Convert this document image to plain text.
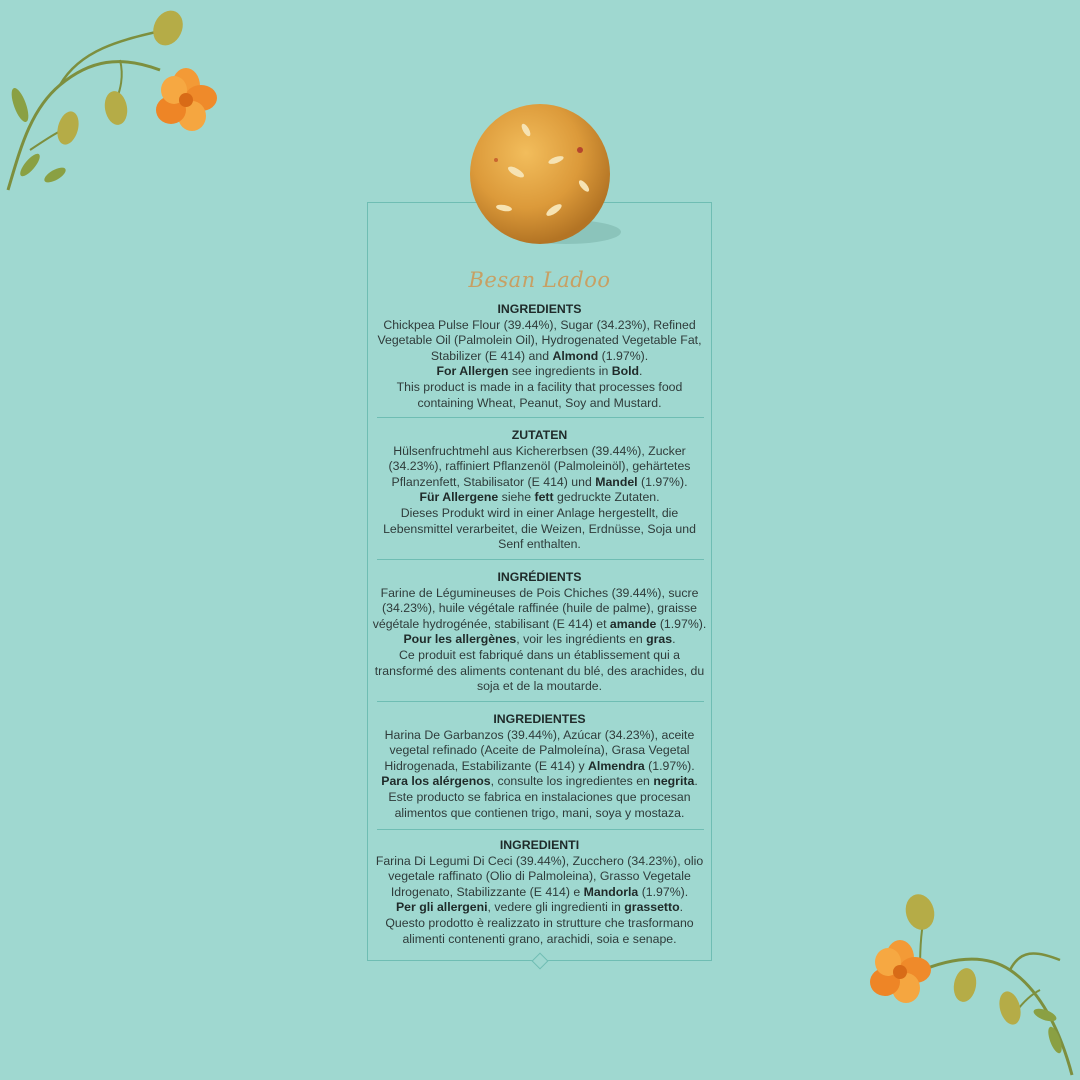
Besan Ladoo
INGREDIENTS
Chickpea Pulse Flour (39.44%), Sugar (34.23%), Refined Vegetable Oil (Palmolein Oil), Hydrogenated Vegetable Fat, Stabilizer (E 414) and Almond (1.97%).
For Allergen see ingredients in Bold.
This product is made in a facility that processes food containing Wheat, Peanut, Soy and Mustard.
ZUTATEN
Hülsenfruchtmehl aus Kichererbsen (39.44%), Zucker (34.23%), raffiniert Pflanzenöl (Palmoleinöl), gehärtetes Pflanzenfett, Stabilisator (E 414) und Mandel (1.97%).
Für Allergene siehe fett gedruckte Zutaten.
Dieses Produkt wird in einer Anlage hergestellt, die Lebensmittel verarbeitet, die Weizen, Erdnüsse, Soja und Senf enthalten.
INGRÉDIENTS
Farine de Légumineuses de Pois Chiches (39.44%), sucre (34.23%), huile végétale raffinée (huile de palme), graisse végétale hydrogénée, stabilisant (E 414) et amande (1.97%).
Pour les allergènes, voir les ingrédients en gras.
Ce produit est fabriqué dans un établissement qui a transformé des aliments contenant du blé, des arachides, du soja et de la moutarde.
INGREDIENTES
Harina De Garbanzos (39.44%), Azúcar (34.23%), aceite vegetal refinado (Aceite de Palmoleína), Grasa Vegetal Hidrogenada, Estabilizante (E 414) y Almendra (1.97%).
Para los alérgenos, consulte los ingredientes en negrita.
Este producto se fabrica en instalaciones que procesan alimentos que contienen trigo, mani, soya y mostaza.
INGREDIENTI
Farina Di Legumi Di Ceci (39.44%), Zucchero (34.23%), olio vegetale raffinato (Olio di Palmoleina), Grasso Vegetale Idrogenato, Stabilizzante (E 414) e Mandorla (1.97%).
Per gli allergeni, vedere gli ingredienti in grassetto.
Questo prodotto è realizzato in strutture che trasformano alimenti contenenti grano, arachidi, soia e senape.
